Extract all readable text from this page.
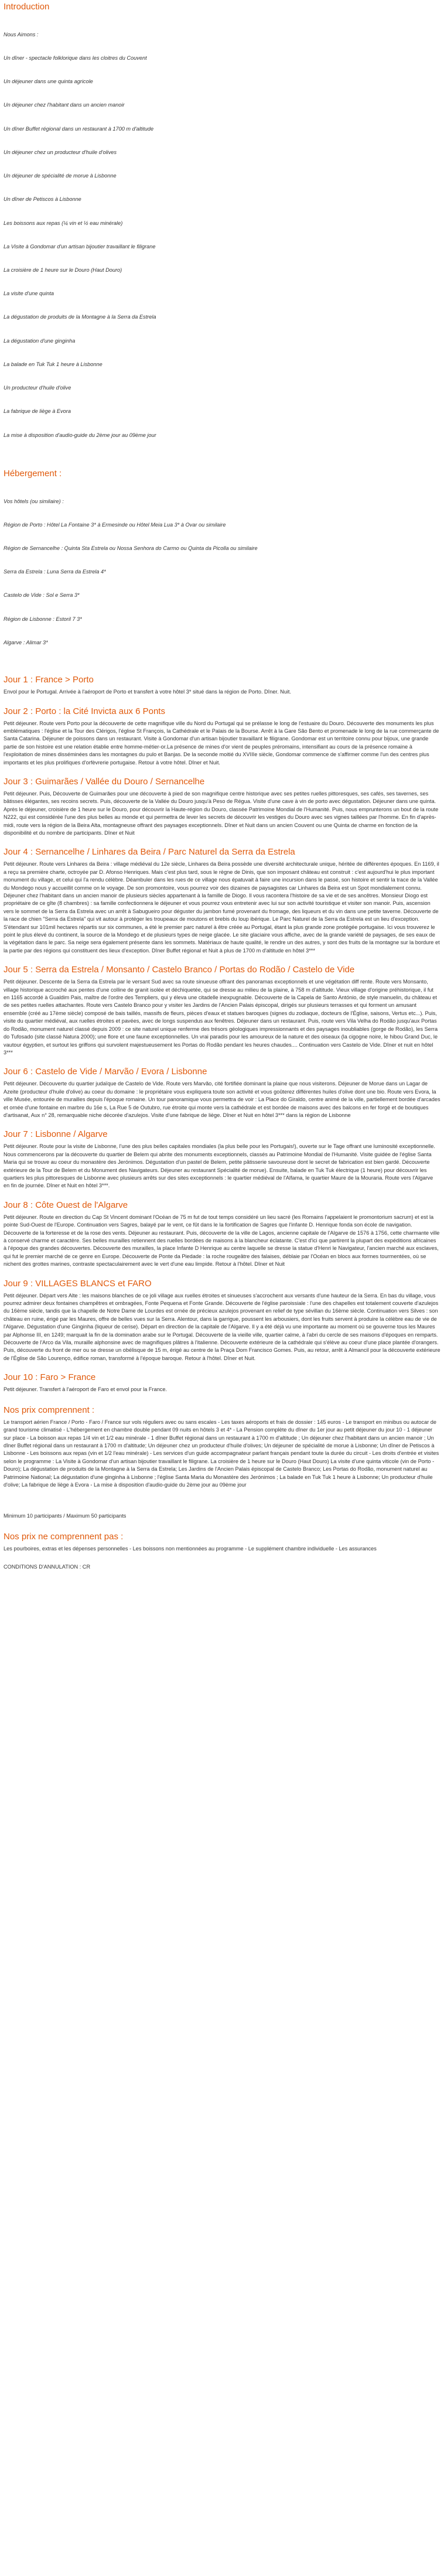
Introduction

Nous Aimons :

Un dîner - spectacle folklorique dans les cloitres du Couvent

Un déjeuner dans une quinta agricole

Un déjeuner chez l'habitant dans un ancien manoir

Un dîner Buffet régional dans un restaurant à 1700 m d'altitude

Un déjeuner chez un producteur d'huile d'olives

Un déjeuner de spécialité de morue à Lisbonne

Un dîner de Petiscos à Lisbonne

Les boissons aux repas (¼ vin et ½ eau minérale)

La Visite à Gondomar d'un artisan bijoutier travaillant le filigrane

La croisière de 1 heure sur le Douro (Haut Douro)

La visite d'une quinta

La dégustation de produits de la Montagne à la Serra da Estrela

La dégustation d'une ginginha

La balade en Tuk Tuk 1 heure à Lisbonne

Un producteur d'huile d'olive

La fabrique de liège à Evora

La mise à disposition d'audio-guide du 2ème jour au 09ème jour

Hébergement :

Vos hôtels (ou similaire) :

Région de Porto : Hôtel La Fontaine 3* à Ermesinde ou Hôtel Meia Lua 3* à Ovar ou similaire

Région de Sernancelhe : Quinta Sta Estrela ou Nossa Senhora do Carmo ou Quinta da Picolla ou similaire

Serra da Estrela : Luna Serra da Estrela 4*

Castelo de Vide : Sol e Serra 3*

Région de Lisbonne : Estoril 7 3*

Algarve : Alimar 3*

Jour 1 : France > Porto

Envol pour le Portugal. Arrivée à l'aéroport de Porto et transfert à votre hôtel 3* situé dans la région de Porto. Dîner. Nuit.

Jour 2 : Porto : la Cité Invicta aux 6 Ponts

Petit déjeuner. Route vers Porto pour la découverte de cette magnifique ville du Nord du Portugal qui se prélasse le long de l'estuaire du Douro. Découverte des monuments les plus emblématiques : l'église et la Tour des Clérigos, l'église St François, la Cathédrale et le Palais de la Bourse. Arrêt à la Gare São Bento et promenade le long de la rue commerçante de Santa Catarina. Déjeuner de poissons dans un restaurant. Visite à Gondomar d'un artisan bijoutier travaillant le filigrane. Gondomar est un territoire connu pour bijoux, une grande partie de son histoire est une relation établie entre homme-métier-or.La présence de mines d'or vient de peuples préromains, intensifiant au cours de la présence romaine à l'exploitation de mines disséminées dans les montagnes du pulo et Banjas. De la seconde moitié du XVIIIe siècle, Gondomar commence de s'affirmer comme l'un des centres plus importants et les plus prolifiques d'orfèvrerie portugaise. Retour à votre hôtel. Dîner et Nuit.

Jour 3 : Guimarães / Vallée du Douro / Sernancelhe

Petit déjeuner. Puis, Découverte de Guimarães pour une découverte à pied de son magnifique centre historique avec ses petites ruelles pittoresques, ses cafés, ses tavernes, ses bâtisses élégantes, ses recoins secrets. Puis, découverte de la Vallée du Douro jusqu'à Peso de Régua. Visite d'une cave à vin de porto avec dégustation. Déjeuner dans une quinta. Après le déjeuner, croisière de 1 heure sur le Douro, pour découvrir la Haute-région du Douro, classée Patrimoine Mondial de l'Humanité. Puis, nous emprunterons un bout de la route N222, qui est considérée l'une des plus belles au monde et qui permettra de lever les secrets de découvrir les vestiges du Douro avec ses vignes taillées par l'homme. En fin d'après-midi, route vers la région de la Beira Alta, montagneuse offrant des paysages exceptionnels. Dîner et Nuit dans un ancien Couvent ou une Quinta de charme en fonction de la disponibilité et du nombre de participants. Dîner et Nuit

Jour 4 : Sernancelhe / Linhares da Beira / Parc Naturel da Serra da Estrela

Petit déjeuner. Route vers Linhares da Beira : village médiéval du 12e siècle, Linhares da Beira possède une diversité architecturale unique, héritée de différentes époques. En 1169, il a reçu sa première charte, octroyée par D. Afonso Henriques. Mais c'est plus tard, sous le règne de Dinis, que son imposant château est construit : c'est aujourd'hui le plus important monument du village, et celui qui l'a rendu célèbre. Déambuler dans les rues de ce village nous épatuvait à faire une incursion dans le passé, son histoire et sentir la trace de la Vallée du Mondego nous y accueillit comme on le voyage. De son promontoire, vous pourrez voir des dizaines de paysagistes car Linhares da Beira est un Spot mondialement connu. Déjeuner chez l'habitant dans un ancien manoir de plusieurs siècles appartenant à la famille de Diogo. Il vous racontera l'histoire de sa vie et de ses ancêtres. Monsieur Diogo est propriétaire de ce gîte (8 chambres) : sa famille confectionnera le déjeuner et vous pourrez vous entretenir avec lui sur son activité touristique et visiter son manoir. Puis, ascension vers le sommet de la Serra da Estrela avec un arrêt à Sabugueiro pour déguster du jambon fumé provenant du fromage, des liqueurs et du vin dans une petite taverne. Découverte de la race de chien "Serra da Estrela" qui vit autour à protéger les troupeaux de moutons et brebis du loup ibérique. Le Parc Naturel de la Serra da Estrela est un lieu d'exception. S'étendant sur 101mil hectares répartis sur six communes, a été le premier parc naturel à être créée au Portugal, étant la plus grande zone protégée portugaise. Ici vous trouverez le point le plus élevé du continent, la source de la Mondego et de plusieurs types de neige glacée. Le site glaciaire vous affiche, avec de la grande variété de paysages, de ses eaux de la végétation dans le parc. Sa neige sera également présente dans les sommets. Matériaux de haute qualité, le rendre un des autres, y sont des fruits de la montagne sur la bordure et la partie par des régions qui constituent des lieux d'exception. Dîner Buffet régional et Nuit à plus de 1700 m d'altitude en hôtel 3***

Jour 5 : Serra da Estrela / Monsanto / Castelo Branco / Portas do Rodão / Castelo de Vide

Petit déjeuner. Descente de la Serra da Estrela par le versant Sud avec sa route sinueuse offrant des panoramas exceptionnels et une végétation diff rente. Route vers Monsanto, village historique accroché aux pentes d'une colline de granit isolée et déchiquetée, qui se dresse au milieu de la plaine, à 758 m d'altitude. Vieux village d'origine préhistorique, il fut en 1165 accordé à Gualdim Pais, maître de l'ordre des Templiers, qui y éleva une citadelle inexpugnable. Découverte de la Capela de Santo António, de style manuelin, du château et de ses petites ruelles attachantes. Route vers Castelo Branco pour y visiter les Jardins de l'Ancien Palais épiscopal, dirigés sur plusieurs terrasses et qui forment un amusant ensemble (créé au 17ème siècle) composé de bais taillés, massifs de fleurs, pièces d'eaux et statues baroques (signes du zodiaque, docteurs de l'Église, saisons, Vertus etc...). Puis, visite du quartier médiéval, aux ruelles étroites et pavées, avec de longs suspendus aux fenêtres. Déjeuner dans un restaurant. Puis, route vers Vila Velha do Rodão jusqu'aux Portas do Rodão, monument naturel classé depuis 2009 : ce site naturel unique renferme des trésors géologiques impressionnants et des paysages inoubliables (gorge de Rodão), les Serra do Tufosado (site classé Natura 2000); une flore et une faune exceptionnelles. Un vrai paradis pour les amoureux de la nature et des oiseaux (la cigogne noire, le hibou Grand Duc, le vautour égyptien, et surtout les griffons qui survolent majestueusement les Portas do Rodão pendant les heures chaudes.... Continuation vers Castelo de Vide. Dîner et nuit en hôtel 3***

Jour 6 : Castelo de Vide / Marvão / Evora / Lisbonne

Petit déjeuner. Découverte du quartier judaïque de Castelo de Vide. Route vers Marvão, cité fortifiée dominant la plaine que nous visiterons. Déjeuner de Morue dans un Lagar de Azeite (producteur d'huile d'olive) au coeur du domaine : le propriétaire vous expliquera toute son activité et vous goûterez différentes huiles d'olive dont une bio. Route vers Evora, la ville Musée, entourée de murailles depuis l'époque romaine. Un tour panoramique vous permettra de voir : La Place do Giraldo, centre animé de la ville, partiellement bordée d'arcades et ornée d'une fontaine en marbre du 16e s, La Rue 5 de Outubro, rue étroite qui monte vers la cathédrale et est bordée de maisons avec des balcons en fer forgé et de boutiques d'artisanat, Aux n° 28, remarquable niche décorée d'azulejos. Visite d'une fabrique de liège. Dîner et Nuit en hôtel 3*** dans la région de Lisbonne

Jour 7 : Lisbonne / Algarve

Petit déjeuner. Route pour la visite de Lisbonne, l'une des plus belles capitales mondiales (la plus belle pour les Portugais!), ouverte sur le Tage offrant une luminosité exceptionnelle. Nous commencerons par la découverte du quartier de Belem qui abrite des monuments exceptionnels, classés au Patrimoine Mondial de l'Humanité. Visite guidée de l'église Santa Maria qui se trouve au coeur du monastère des Jerónimos. Dégustation d'un pastel de Belem, petite pâtisserie savoureuse dont le secret de fabrication est bien gardé. Découverte extérieure de la Tour de Belem et du Monument des Navigateurs. Déjeuner au restaurant Spécialité de morue). Ensuite, balade en Tuk Tuk électrique (1 heure) pour découvrir les quartiers les plus pittoresques de Lisbonne avec plusieurs arrêts sur des sites exceptionnels : le quartier médiéval de l'Alfama, le quartier Maure de la Mouraria. Route vers l'Algarve en fin de journée. Dîner et Nuit en hôtel 3***.

Jour 8 : Côte Ouest de l'Algarve

Petit déjeuner. Route en direction du Cap St Vincent dominant l'Océan de 75 m fut de tout temps considéré un lieu sacré (les Romains l'appelaient le promontorium sacrum) et est la pointe Sud-Ouest de l'Europe. Continuation vers Sagres, balayé par le vent, ce fût dans le la fortification de Sagres que l'infante D. Henrique fonda son école de navigation. Découverte de la forteresse et de la rose des vents. Déjeuner au restaurant. Puis, découverte de la ville de Lagos, ancienne capitale de l'Algarve de 1576 à 1756, cette charmante ville à conservé charme et caractère. Ses belles murailles retiennent des ruelles bordées de maisons à la blancheur éclatante. C'est d'ici que partirent la plupart des expéditions africaines à l'époque des grandes découvertes. Découverte des murailles, la place Infante D Henrique au centre laquelle se dresse la statue d'Henri le Navigateur, l'ancien marché aux esclaves, qui fut le premier marché de ce genre en Europe. Découverte de Ponte da Piedade : la roche rougeâtre des falaises, déblaie par l'Océan en blocs aux formes tourmentées, où se nichent des grottes marines, contraste spectaculairement avec le vert d'une eau limpide. Retour à l'hôtel. Dîner et Nuit

Jour 9 : VILLAGES BLANCS et FARO

Petit déjeuner. Départ vers Alte : les maisons blanches de ce joli village aux ruelles étroites et sinueuses s'accrochent aux versants d'une hauteur de la Serra. En bas du village, vous pourrez admirer deux fontaines champêtres et ombragées, Fonte Pequena et Fonte Grande. Découverte de l'église paroissiale : l'une des chapelles est totalement couverte d'azulejos du 16ème siècle, tandis que la chapelle de Notre Dame de Lourdes est ornée de précieux azulejos provenant en relief de type sévillan du 16ème siècle. Continuation vers Silves : son château en ruine, érigé par les Maures, offre de belles vues sur la Serra. Alentour, dans la garrigue, poussent les arbousiers, dont les fruits servent à produire la célèbre eau de vie de l'Algarve. Dégustation d'une Ginginha (liqueur de cerise). Départ en direction de la capitale de l'Algarve. Il y a été déjà vu une importante au moment où se gouverne tous les Maures par Alphonse III, en 1249; marquait la fin de la domination arabe sur le Portugal. Découverte de la vieille ville, quartier calme, à l'abri du cercle de ses maisons d'époques en remparts. Découverte de l'Arco da Vila, muraille alphonsine avec de magnifiques plâtres à l'italienne. Découverte extérieure de la cathédrale qui s'élève au coeur d'une place plantée d'orangers. Puis, découverte du front de mer ou se dresse un obélisque de 15 m, érigé au centre de la Praça Dom Francisco Gomes. Puis, au retour, arrêt à Almancil pour la découverte extérieure de l'Église de São Lourenço, édifice roman, transformé à l'époque baroque. Retour à l'hôtel. Dîner et Nuit.

Jour 10 : Faro > France

Petit déjeuner. Transfert à l'aéroport de Faro et envol pour la France.

Nos prix comprennent :

Le transport aérien France / Porto - Faro / France sur vols réguliers avec ou sans escales - Les taxes aéroports et frais de dossier : 145 euros - Le transport en minibus ou autocar de grand tourisme climatisé - L'hébergement en chambre double pendant 09 nuits en hôtels 3 et 4* - La Pension complète du dîner du 1er jour au petit déjeuner du jour 10 - 1 déjeuner sur place - La boisson aux repas 1/4 vin et 1/2 eau minérale - 1 dîner Buffet régional dans un restaurant à 1700 m d'altitude ; Un déjeuner chez l'habitant dans un ancien manoir ; Un dîner Buffet régional dans un restaurant à 1700 m d'altitude; Un déjeuner chez un producteur d'huile d'olives; Un déjeuner de spécialité de morue à Lisbonne; Un dîner de Petiscos à Lisbonne - Les boissons aux repas (vin et 1/2 l'eau minérale) - Les services d'un guide accompagnateur parlant français pendant toute la durée du circuit - Les droits d'entrée et visites selon le programme : La Visite à Gondomar d'un artisan bijoutier travaillant le filigrane. La croisière de 1 heure sur le Douro (Haut Douro) La visite d'une quinta viticole (vin de Porto - Douro); La dégustation de produits de la Montagne à la Serra da Estrela; Les Jardins de l'Ancien Palais épiscopal de Castelo Branco; Les Portas do Rodão, monument naturel au Patrimoine National; La dégustation d'une ginginha à Lisbonne ; l'église Santa Maria du Monastère des Jerónimos ; La balade en Tuk Tuk 1 heure à Lisbonne; Un producteur d'huile d'olive; La fabrique de liège à Evora - La mise à disposition d'audio-guide du 2ème jour au 09ème jour

Minimum 10 participants / Maximum 50 participants

Nos prix ne comprennent pas :

Les pourboires, extras et les dépenses personnelles - Les boissons non mentionnées au programme - Le supplément chambre individuelle - Les assurances

CONDITIONS D'ANNULATION : CR
